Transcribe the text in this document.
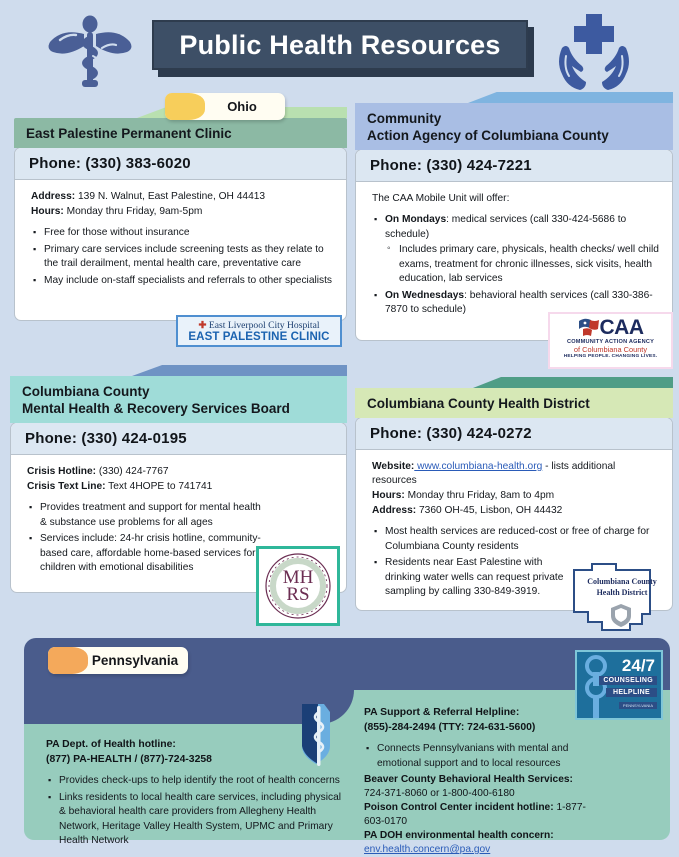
Public Health Resources
Ohio
East Palestine Permanent Clinic
Phone: (330) 383-6020
Address: 139 N. Walnut, East Palestine, OH 44413
Hours: Monday thru Friday, 9am-5pm
▪ Free for those without insurance
▪ Primary care services include screening tests as they relate to the trail derailment, mental health care, preventative care
▪ May include on-staff specialists and referrals to other specialists
✚ East Liverpool City Hospital
EAST PALESTINE CLINIC
Community
Action Agency of Columbiana County
Phone: (330) 424-7221
The CAA Mobile Unit will offer:
▪ On Mondays: medical services (call 330-424-5686 to schedule)
◦ Includes primary care, physicals, health checks/ well child exams, treatment for chronic illnesses, sick visits, health education, lab services
▪ On Wednesdays: behavioral health services (call 330-386-7870 to schedule)
CAA
COMMUNITY ACTION AGENCY
of Columbiana County
HELPING PEOPLE. CHANGING LIVES.
Columbiana County
Mental Health & Recovery Services Board
Phone: (330) 424-0195
Crisis Hotline: (330) 424-7767
Crisis Text Line: Text 4HOPE to 741741
▪ Provides treatment and support for mental health & substance use problems for all ages
▪ Services include: 24-hr crisis hotline, community-based care, affordable home-based services for children with emotional disabilities	MH
RS
Columbiana County Health District
Phone: (330) 424-0272
Website: www.columbiana-health.org - lists additional resources
Hours: Monday thru Friday, 8am to 4pm
Address: 7360 OH-45, Lisbon, OH 44432
▪ Most health services are reduced-cost or free of charge for Columbiana County residents
▪ Residents near East Palestine with drinking water wells can request private sampling by calling 330-849-3919.
Columbiana County
Health District
PA Dept. of Health hotline:
(877) PA-HEALTH / (877)-724-3258
▪ Provides check-ups to help identify the root of health concerns
▪ Links residents to local health care services, including physical & behavioral health care providers from Allegheny Health Network, Heritage Valley Health System, UPMC and Primary Health Network
PA Support & Referral Helpline:
(855)-284-2494 (TTY: 724-631-5600)
▪ Connects Pennsylvanians with mental and emotional support and to local resources
Beaver County Behavioral Health Services: 724-371-8060 or 1-800-400-6180
Poison Control Center incident hotline: 1-877-603-0170
PA DOH environmental health concern:
env.health.concern@pa.gov
24/7
COUNSELING
HELPLINE
PENNSYLVANIA
Pennsylvania
